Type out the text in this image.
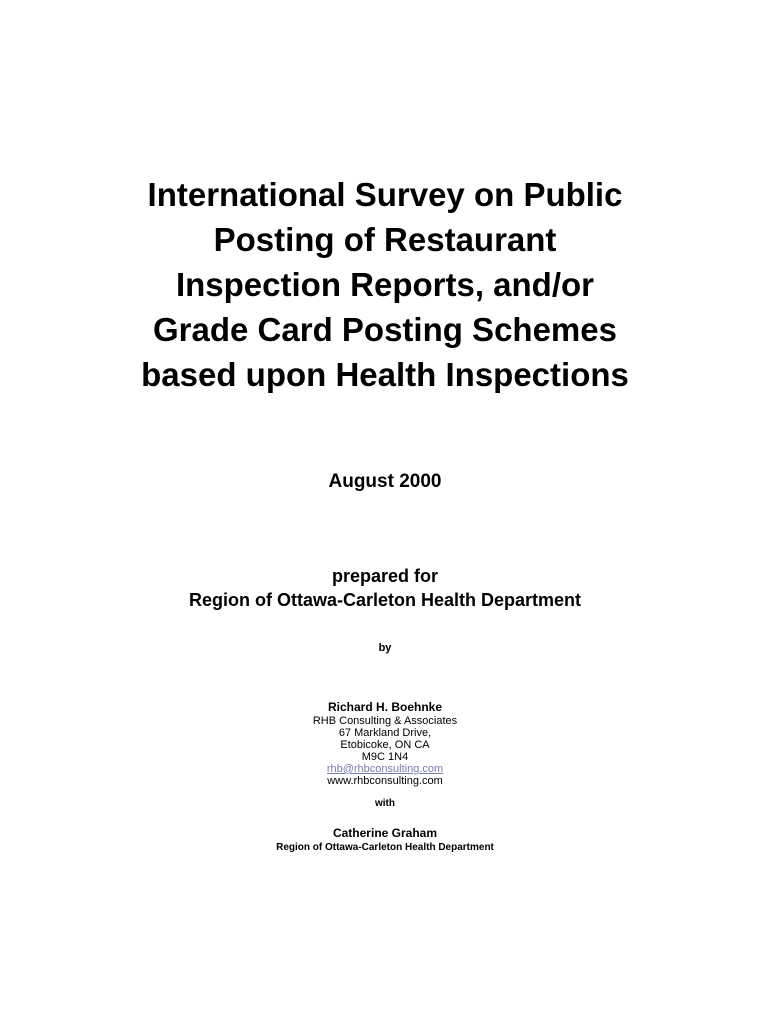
International Survey on Public
Posting of Restaurant
Inspection Reports, and/or
Grade Card Posting Schemes
based upon Health Inspections
August 2000
prepared for
Region of Ottawa-Carleton Health Department
by
Richard H. Boehnke
RHB Consulting & Associates
67 Markland Drive,
Etobicoke, ON CA
M9C 1N4
rhb@rhbconsulting.com
www.rhbconsulting.com
with
Catherine Graham
Region of Ottawa-Carleton Health Department
